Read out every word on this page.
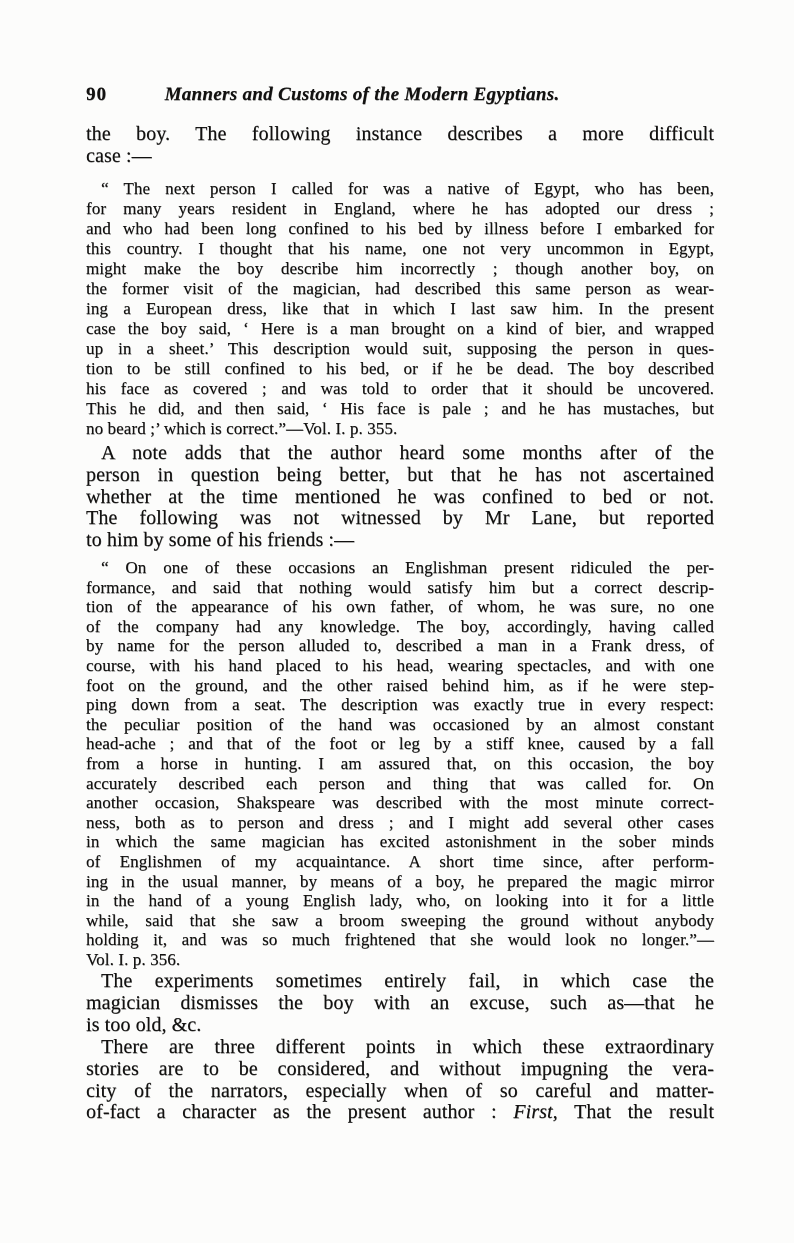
90	Manners and Customs of the Modern Egyptians.
the boy. The following instance describes a more difficult
case :—
“ The next person I called for was a native of Egypt, who has been,
for many years resident in England, where he has adopted our dress ;
and who had been long confined to his bed by illness before I embarked for
this country. I thought that his name, one not very uncommon in Egypt,
might make the boy describe him incorrectly ; though another boy, on
the former visit of the magician, had described this same person as wear-
ing a European dress, like that in which I last saw him. In the present
case the boy said, ‘ Here is a man brought on a kind of bier, and wrapped
up in a sheet.’ This description would suit, supposing the person in ques-
tion to be still confined to his bed, or if he be dead. The boy described
his face as covered ; and was told to order that it should be uncovered.
This he did, and then said, ‘ His face is pale ; and he has mustaches, but
no beard ;’ which is correct.”—Vol. I. p. 355.
A note adds that the author heard some months after of the
person in question being better, but that he has not ascertained
whether at the time mentioned he was confined to bed or not.
The following was not witnessed by Mr Lane, but reported
to him by some of his friends :—
“ On one of these occasions an Englishman present ridiculed the per-
formance, and said that nothing would satisfy him but a correct descrip-
tion of the appearance of his own father, of whom, he was sure, no one
of the company had any knowledge. The boy, accordingly, having called
by name for the person alluded to, described a man in a Frank dress, of
course, with his hand placed to his head, wearing spectacles, and with one
foot on the ground, and the other raised behind him, as if he were step-
ping down from a seat. The description was exactly true in every respect:
the peculiar position of the hand was occasioned by an almost constant
head-ache ; and that of the foot or leg by a stiff knee, caused by a fall
from a horse in hunting. I am assured that, on this occasion, the boy
accurately described each person and thing that was called for. On
another occasion, Shakspeare was described with the most minute correct-
ness, both as to person and dress ; and I might add several other cases
in which the same magician has excited astonishment in the sober minds
of Englishmen of my acquaintance. A short time since, after perform-
ing in the usual manner, by means of a boy, he prepared the magic mirror
in the hand of a young English lady, who, on looking into it for a little
while, said that she saw a broom sweeping the ground without anybody
holding it, and was so much frightened that she would look no longer.”—
Vol. I. p. 356.
The experiments sometimes entirely fail, in which case the
magician dismisses the boy with an excuse, such as—that he
is too old, &c.
There are three different points in which these extraordinary
stories are to be considered, and without impugning the vera-
city of the narrators, especially when of so careful and matter-
of-fact a character as the present author : First, That the result
